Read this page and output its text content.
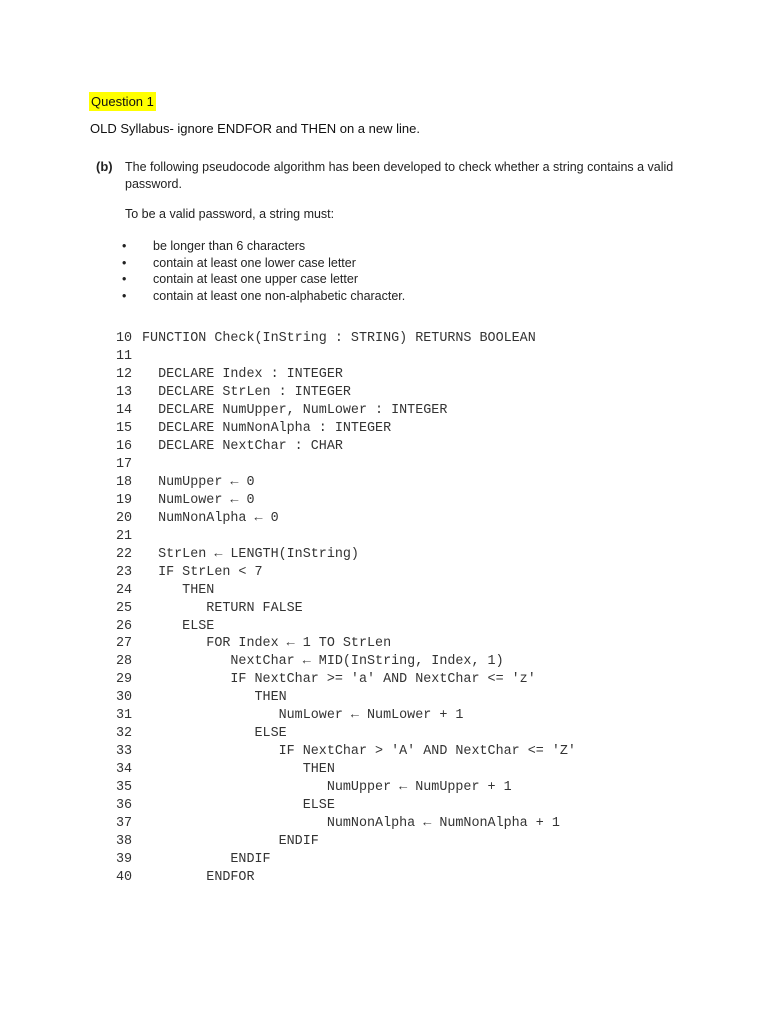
Question 1
OLD Syllabus- ignore ENDFOR and THEN on a new line.
(b) The following pseudocode algorithm has been developed to check whether a string contains a valid password.
To be a valid password, a string must:
• be longer than 6 characters
• contain at least one lower case letter
• contain at least one upper case letter
• contain at least one non-alphabetic character.
10 FUNCTION Check(InString : STRING) RETURNS BOOLEAN
11
12  DECLARE Index : INTEGER
13  DECLARE StrLen : INTEGER
14  DECLARE NumUpper, NumLower : INTEGER
15  DECLARE NumNonAlpha : INTEGER
16  DECLARE NextChar : CHAR
17
18  NumUpper ← 0
19  NumLower ← 0
20  NumNonAlpha ← 0
21
22  StrLen ← LENGTH(InString)
23  IF StrLen < 7
24     THEN
25        RETURN FALSE
26     ELSE
27        FOR Index ← 1 TO StrLen
28           NextChar ← MID(InString, Index, 1)
29           IF NextChar >= 'a' AND NextChar <= 'z'
30              THEN
31                 NumLower ← NumLower + 1
32              ELSE
33                 IF NextChar > 'A' AND NextChar <= 'Z'
34                    THEN
35                       NumUpper ← NumUpper + 1
36                    ELSE
37                       NumNonAlpha ← NumNonAlpha + 1
38                 ENDIF
39           ENDIF
40        ENDFOR
